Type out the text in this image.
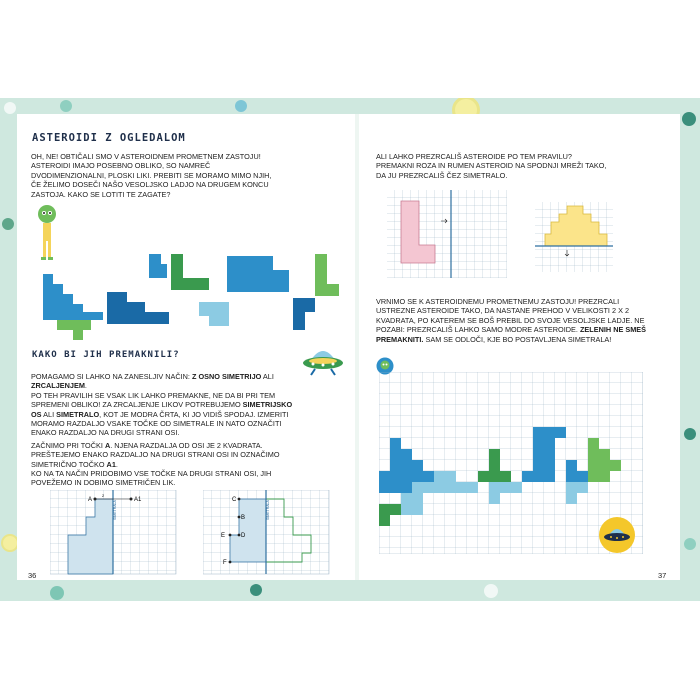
ASTEROIDI Z OGLEDALOM
OH, NE! OBTIČALI SMO V ASTEROIDNEM PROMETNEM ZASTOJU! ASTEROIDI IMAJO POSEBNO OBLIKO, SO NAMREČ DVODIMENZIONALNI, PLOSKI LIKI. PREBITI SE MORAMO MIMO NJIH, ČE ŽELIMO DOSEČI NAŠO VESOLJSKO LADJO NA DRUGEM KONCU ZASTOJA. KAKO SE LOTITI TE ZAGATE?
KAKO BI JIH PREMAKNILI?

POMAGAMO SI LAHKO NA ZANESLJIV NAČIN: Z OSNO SIMETRIJO ALI ZRCALJENJEM.
PO TEH PRAVILIH SE VSAK LIK LAHKO PREMAKNE, NE DA BI PRI TEM SPREMENI OBLIKO! ZA ZRCALJENJE LIKOV POTREBUJEMO SIMETRIJSKO OS ALI SIMETRALO, KOT JE MODRA ČRTA, KI JO VIDIŠ SPODAJ. IZMERITI MORAMO RAZDALJO VSAKE TOČKE OD SIMETRALE IN NATO OZNAČITI ENAKO RAZDALJO NA DRUGI STRANI OSI.

ZAČNIMO PRI TOČKI A. NJENA RAZDALJA OD OSI JE 2 KVADRATA. PREŠTEJEMO ENAKO RAZDALJO NA DRUGI STRANI OSI IN OZNAČIMO SIMETRIČNO TOČKO A1.
KO NA TA NAČIN PRIDOBIMO VSE TOČKE NA DRUGI STRANI OSI, JIH POVEŽEMO IN DOBIMO SIMETRIČEN LIK.

SIMETRALA
A	A1
2
SIMETRALA
C
B
E	D
F
36
ALI LAHKO PREZRCALIŠ ASTEROIDE PO TEM PRAVILU?
PREMAKNI ROZA IN RUMEN ASTEROID NA SPODNJI MREŽI TAKO, DA JU PREZRCALIŠ ČEZ SIMETRALO.
VRNIMO SE K ASTEROIDNEMU PROMETNEMU ZASTOJU! PREZRCALI USTREZNE ASTEROIDE TAKO, DA NASTANE PREHOD V VELIKOSTI 2 X 2 KVADRATA, PO KATEREM SE BOŠ PREBIL DO SVOJE VESOLJSKE LADJE. NE POZABI: PREZRCALIŠ LAHKO SAMO MODRE ASTEROIDE. ZELENIH NE SMEŠ PREMAKNITI. SAM SE ODLOČI, KJE BO POSTAVLJENA SIMETRALA!
37
